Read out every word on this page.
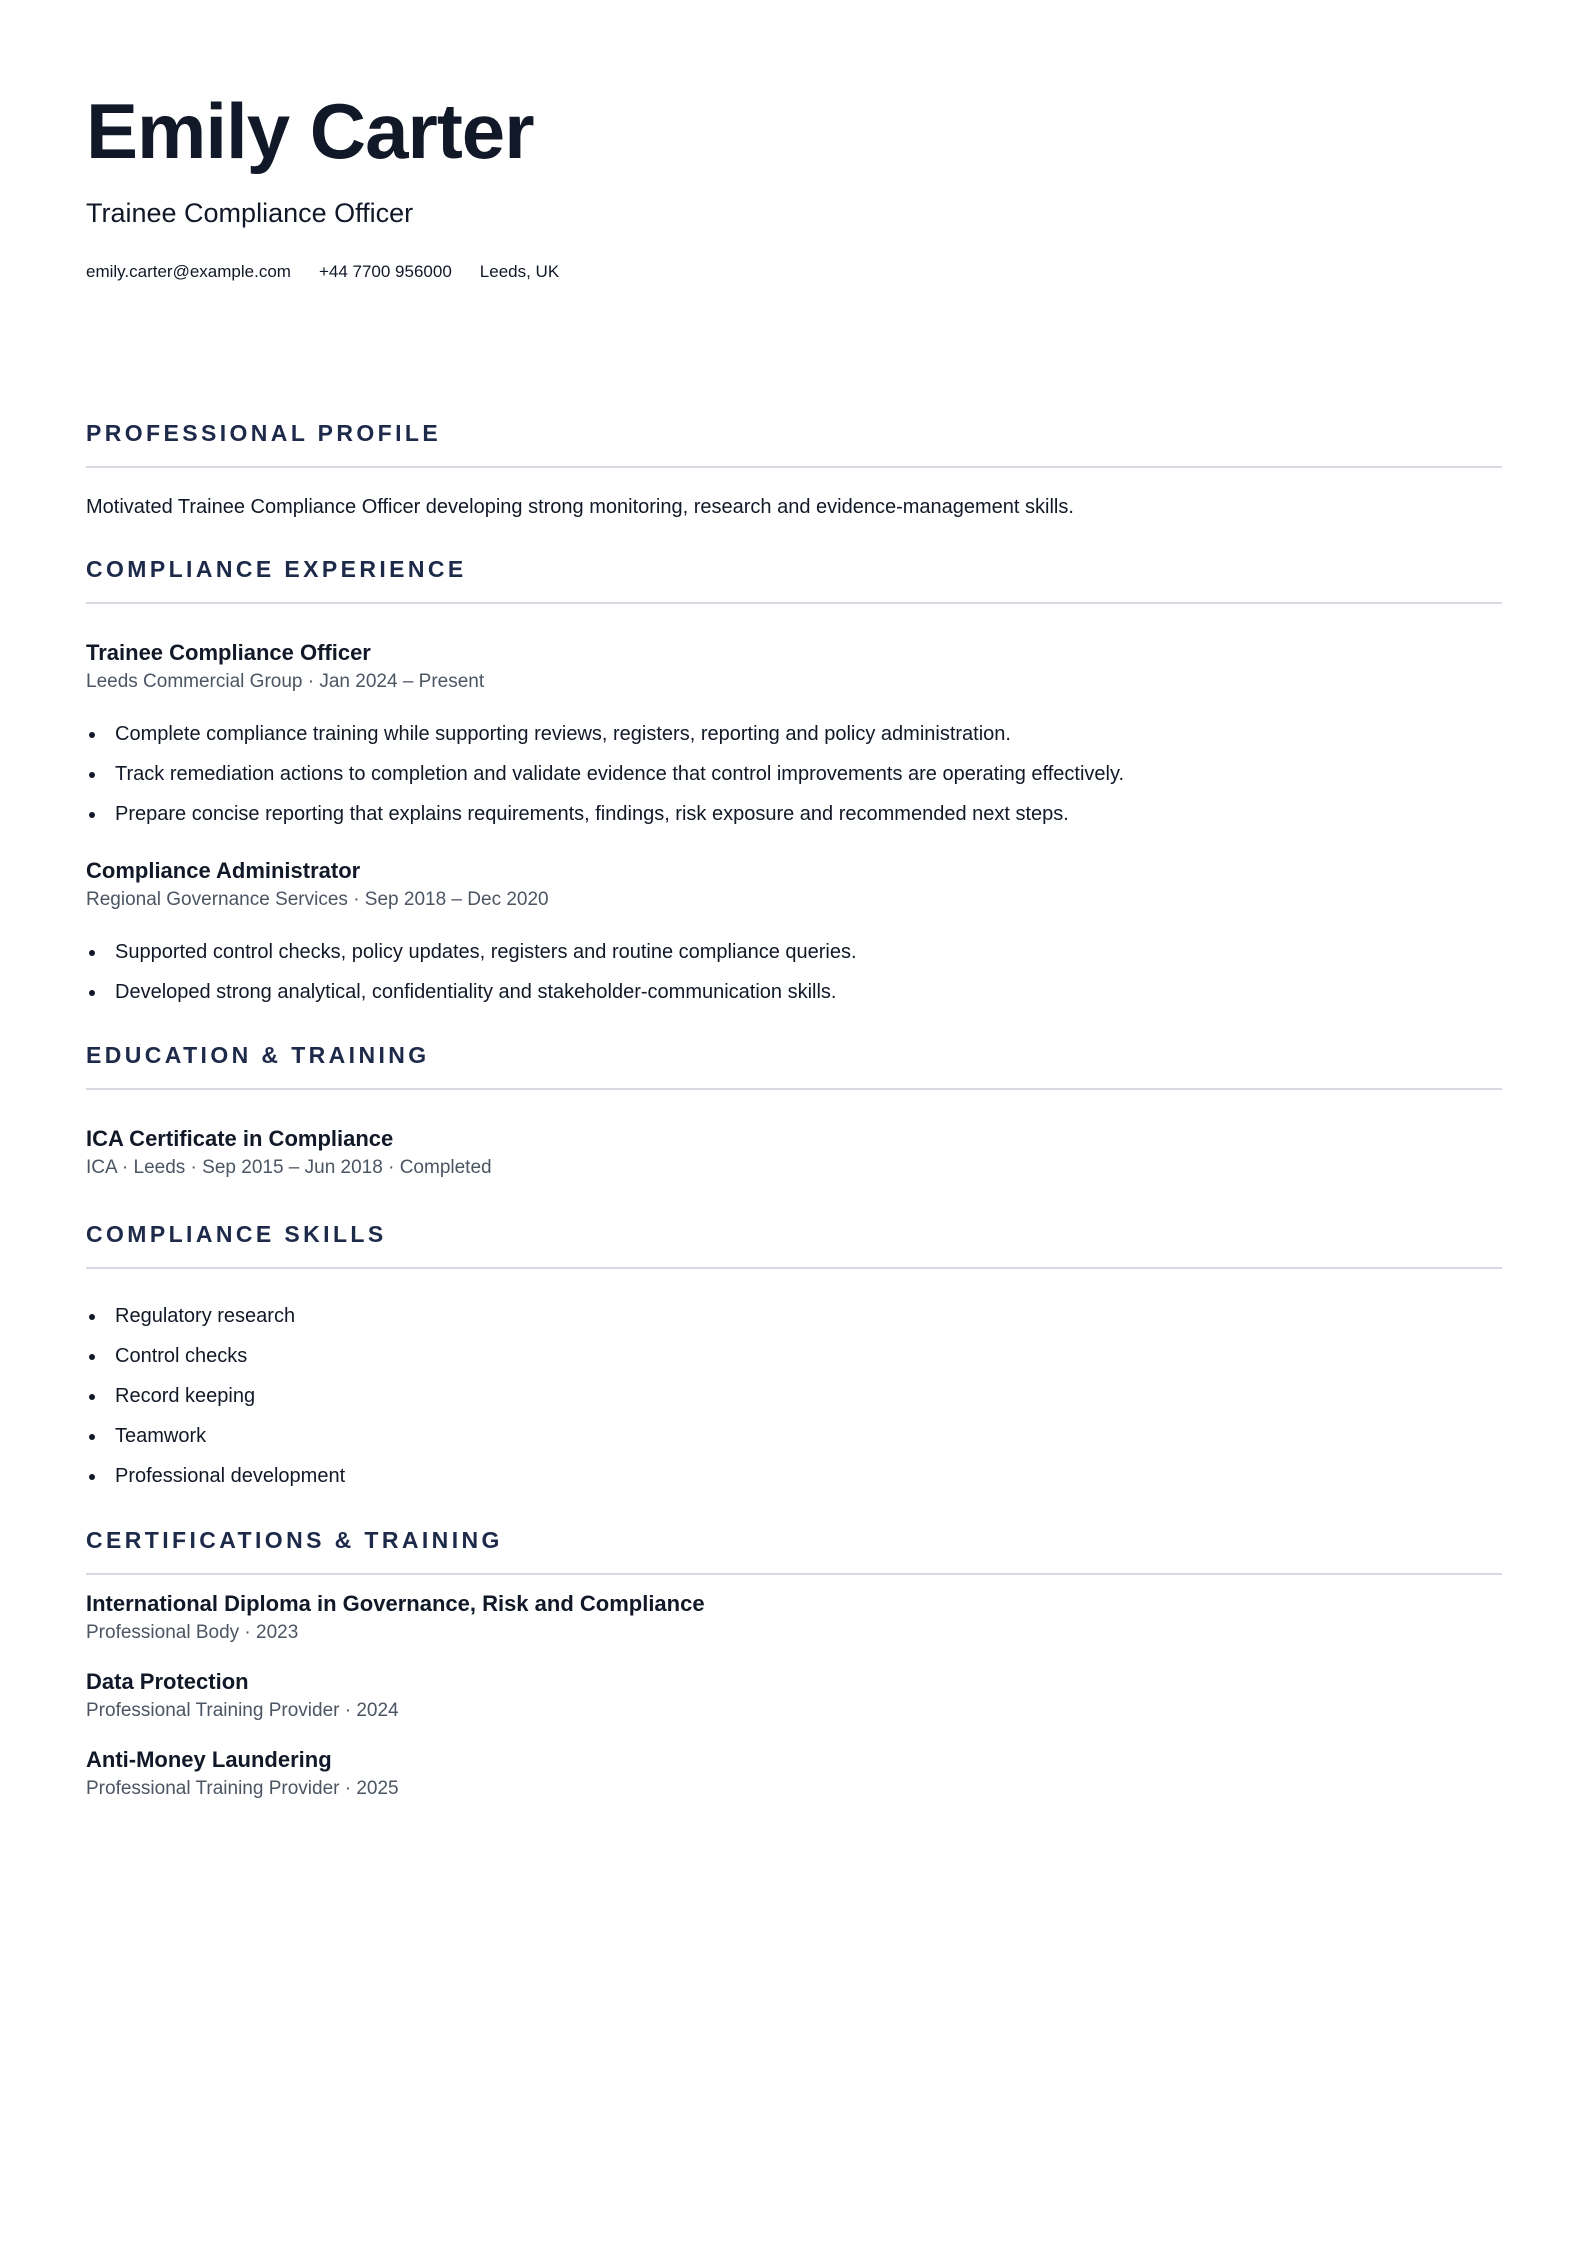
Emily Carter
Trainee Compliance Officer
emily.carter@example.com +44 7700 956000 Leeds, UK
PROFESSIONAL PROFILE

Motivated Trainee Compliance Officer developing strong monitoring, research and evidence-management skills.

COMPLIANCE EXPERIENCE

Trainee Compliance Officer

Leeds Commercial Group · Jan 2024 – Present

Complete compliance training while supporting reviews, registers, reporting and policy administration.
Track remediation actions to completion and validate evidence that control improvements are operating effectively.
Prepare concise reporting that explains requirements, findings, risk exposure and recommended next steps.

Compliance Administrator

Regional Governance Services · Sep 2018 – Dec 2020

Supported control checks, policy updates, registers and routine compliance queries.
Developed strong analytical, confidentiality and stakeholder-communication skills.
EDUCATION & TRAINING

ICA Certificate in Compliance

ICA · Leeds · Sep 2015 – Jun 2018 · Completed

COMPLIANCE SKILLS
Regulatory research
Control checks
Record keeping
Teamwork
Professional development
CERTIFICATIONS & TRAINING

International Diploma in Governance, Risk and Compliance

Professional Body · 2023

Data Protection

Professional Training Provider · 2024

Anti-Money Laundering

Professional Training Provider · 2025
